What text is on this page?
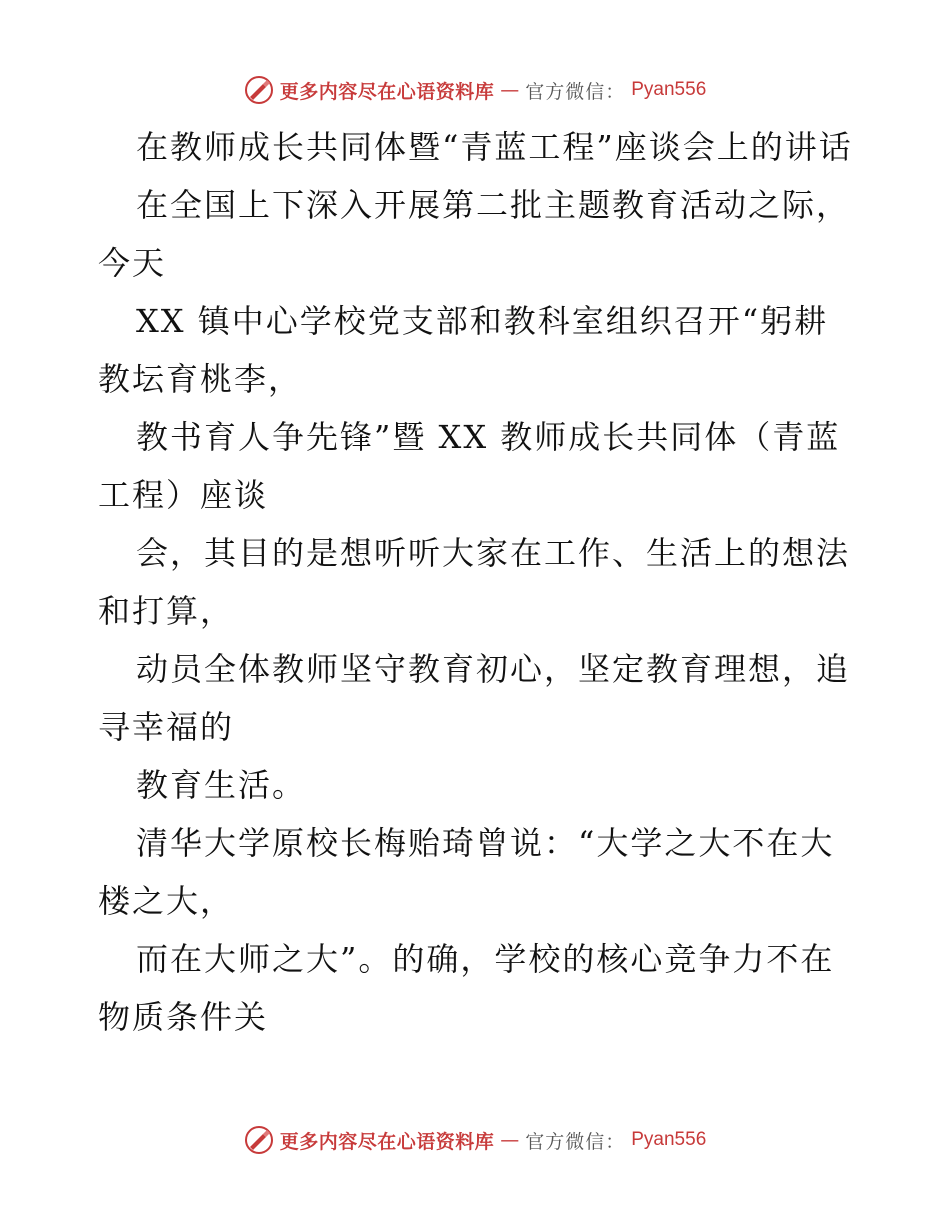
更多内容尽在心语资料库 — 官方微信： Pyan556

在教师成长共同体暨“青蓝工程”座谈会上的讲话

在全国上下深入开展第二批主题教育活动之际，今天

XX 镇中心学校党支部和教科室组织召开“躬耕教坛育桃李，

教书育人争先锋”暨 XX 教师成长共同体（青蓝工程）座谈

会，其目的是想听听大家在工作、生活上的想法和打算，

动员全体教师坚守教育初心，坚定教育理想，追寻幸福的

教育生活。

清华大学原校长梅贻琦曾说：“大学之大不在大楼之大，

而在大师之大”。的确，学校的核心竞争力不在物质条件关

更多内容尽在心语资料库 — 官方微信： Pyan556
